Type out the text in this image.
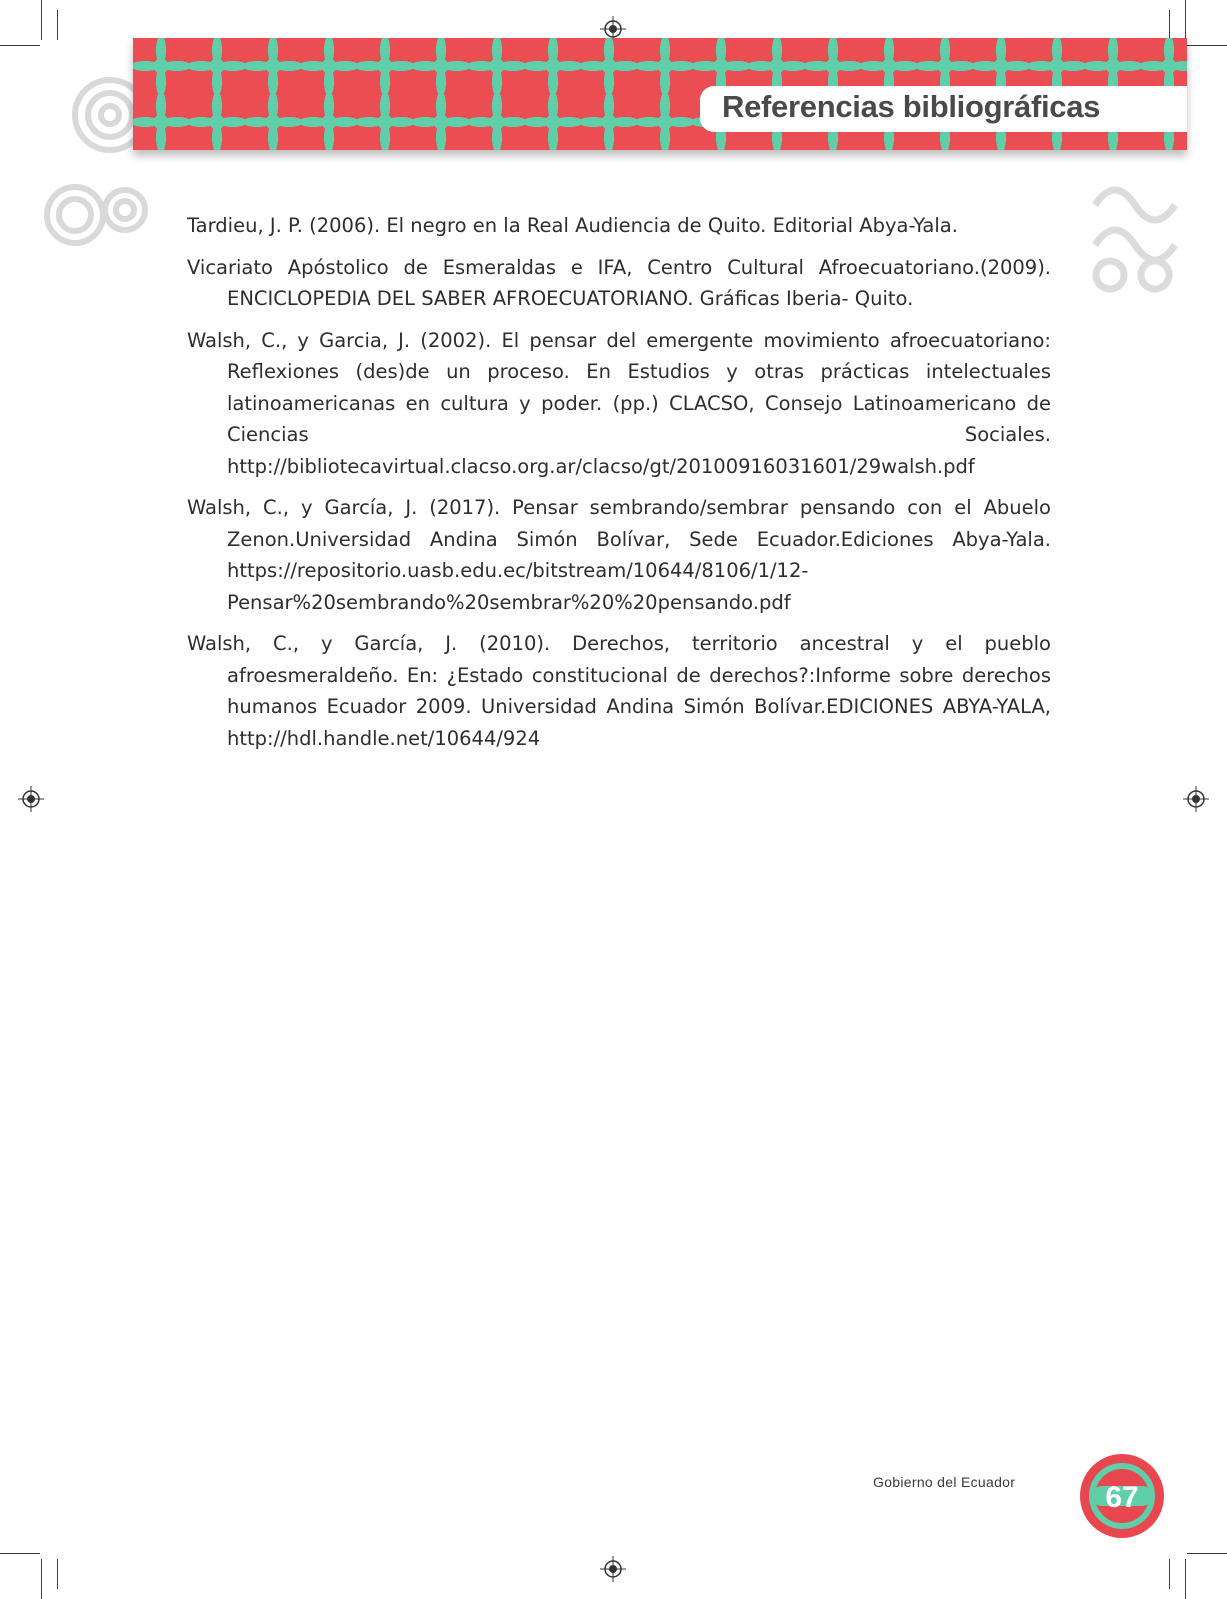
Referencias bibliográficas

Tardieu, J. P. (2006). El negro en la Real Audiencia de Quito. Editorial Abya-Yala.

Vicariato Apóstolico de Esmeraldas e IFA, Centro Cultural Afroecuatoriano.(2009). ENCICLOPEDIA DEL SABER AFROECUATORIANO. Gráficas Iberia- Quito.

Walsh, C., y Garcia, J. (2002). El pensar del emergente movimiento afroecuatoriano: Reflexiones (des)de un proceso. En Estudios y otras prácticas intelectuales latinoamericanas en cultura y poder. (pp.) CLACSO, Consejo Latinoamericano de Ciencias Sociales. http://bibliotecavirtual.clacso.org.ar/clacso/gt/20100916031601/29walsh.pdf

Walsh, C., y García, J. (2017). Pensar sembrando/sembrar pensando con el Abuelo Zenon.Universidad Andina Simón Bolívar, Sede Ecuador.Ediciones Abya-Yala. https://repositorio.uasb.edu.ec/bitstream/10644/8106/1/12-Pensar%20sembrando%20sembrar%20%20pensando.pdf

Walsh, C., y García, J. (2010). Derechos, territorio ancestral y el pueblo afroesmeraldeño. En: ¿Estado constitucional de derechos?:Informe sobre derechos humanos Ecuador 2009. Universidad Andina Simón Bolívar.EDICIONES ABYA-YALA, http://hdl.handle.net/10644/924

Gobierno del Ecuador	67
